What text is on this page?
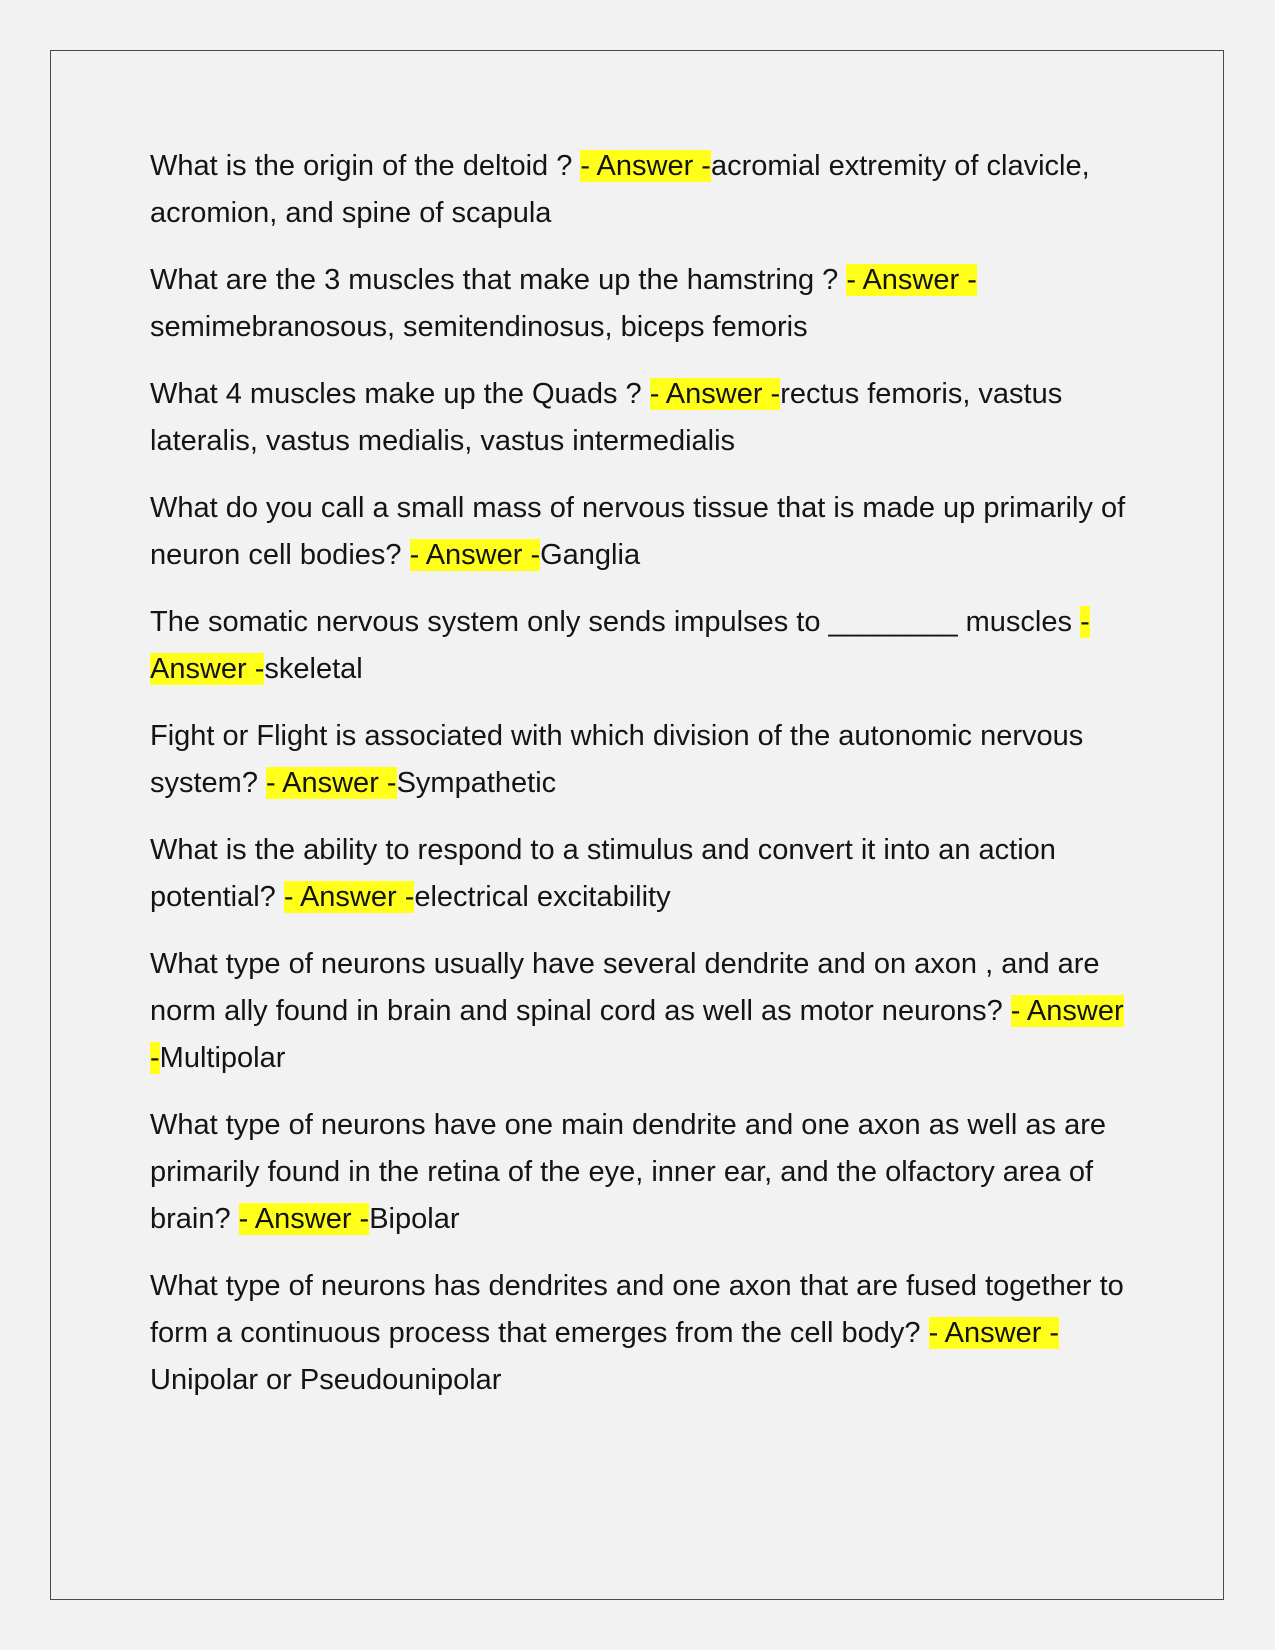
What is the origin of the deltoid ? - Answer -acromial extremity of clavicle, acromion, and spine of scapula

What are the 3 muscles that make up the hamstring ? - Answer -semimebranosous, semitendinosus, biceps femoris

What 4 muscles make up the Quads ? - Answer -rectus femoris, vastus lateralis, vastus medialis, vastus intermedialis

What do you call a small mass of nervous tissue that is made up primarily of neuron cell bodies? - Answer -Ganglia

The somatic nervous system only sends impulses to ________ muscles - Answer -skeletal

Fight or Flight is associated with which division of the autonomic nervous system? - Answer -Sympathetic

What is the ability to respond to a stimulus and convert it into an action potential? - Answer -electrical excitability

What type of neurons usually have several dendrite and on axon , and are norm ally found in brain and spinal cord as well as motor neurons? - Answer -Multipolar

What type of neurons have one main dendrite and one axon as well as are primarily found in the retina of the eye, inner ear, and the olfactory area of brain? - Answer -Bipolar

What type of neurons has dendrites and one axon that are fused together to form a continuous process that emerges from the cell body? - Answer -Unipolar or Pseudounipolar
